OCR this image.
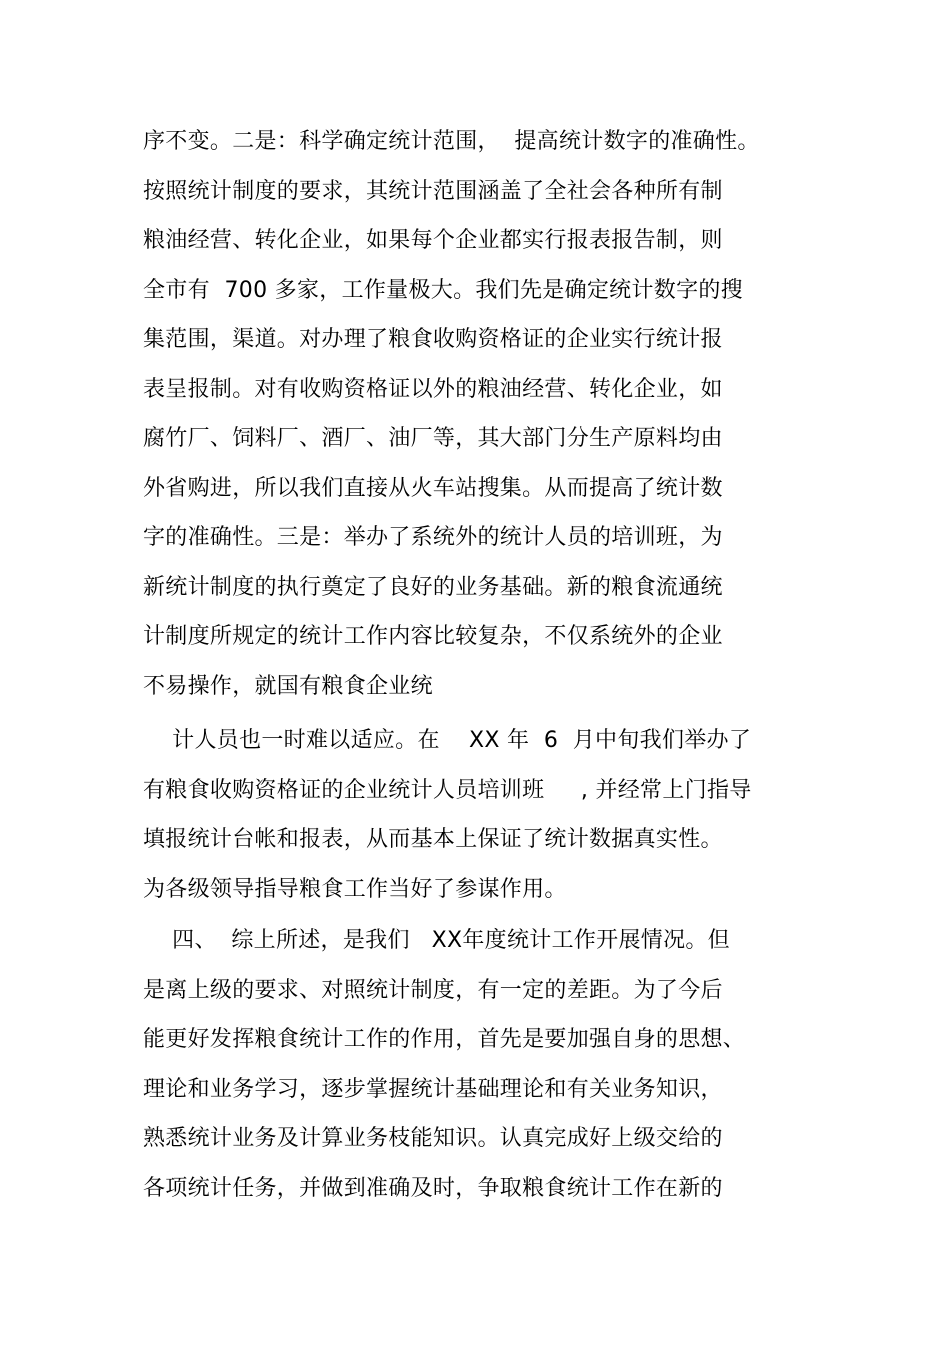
序不变。二是：科学确定统计范围，  提高统计数字的准确性。
按照统计制度的要求，其统计范围涵盖了全社会各种所有制
粮油经营、转化企业，如果每个企业都实行报表报告制，则
全市有  700 多家，工作量极大。我们先是确定统计数字的搜
集范围，渠道。对办理了粮食收购资格证的企业实行统计报
表呈报制。对有收购资格证以外的粮油经营、转化企业，如
腐竹厂、饲料厂、酒厂、油厂等，其大部门分生产原料均由
外省购进，所以我们直接从火车站搜集。从而提高了统计数
字的准确性。三是：举办了系统外的统计人员的培训班，为
新统计制度的执行奠定了良好的业务基础。新的粮食流通统
计制度所规定的统计工作内容比较复杂，不仅系统外的企业
不易操作，就国有粮食企业统
计人员也一时难以适应。在    XX 年  6  月中旬我们举办了
有粮食收购资格证的企业统计人员培训班     , 并经常上门指导
填报统计台帐和报表，从而基本上保证了统计数据真实性。
为各级领导指导粮食工作当好了参谋作用。
四、  综上所述，是我们   XX年度统计工作开展情况。但
是离上级的要求、对照统计制度，有一定的差距。为了今后
能更好发挥粮食统计工作的作用，首先是要加强自身的思想、
理论和业务学习，逐步掌握统计基础理论和有关业务知识，
熟悉统计业务及计算业务枝能知识。认真完成好上级交给的
各项统计任务，并做到准确及时，争取粮食统计工作在新的
